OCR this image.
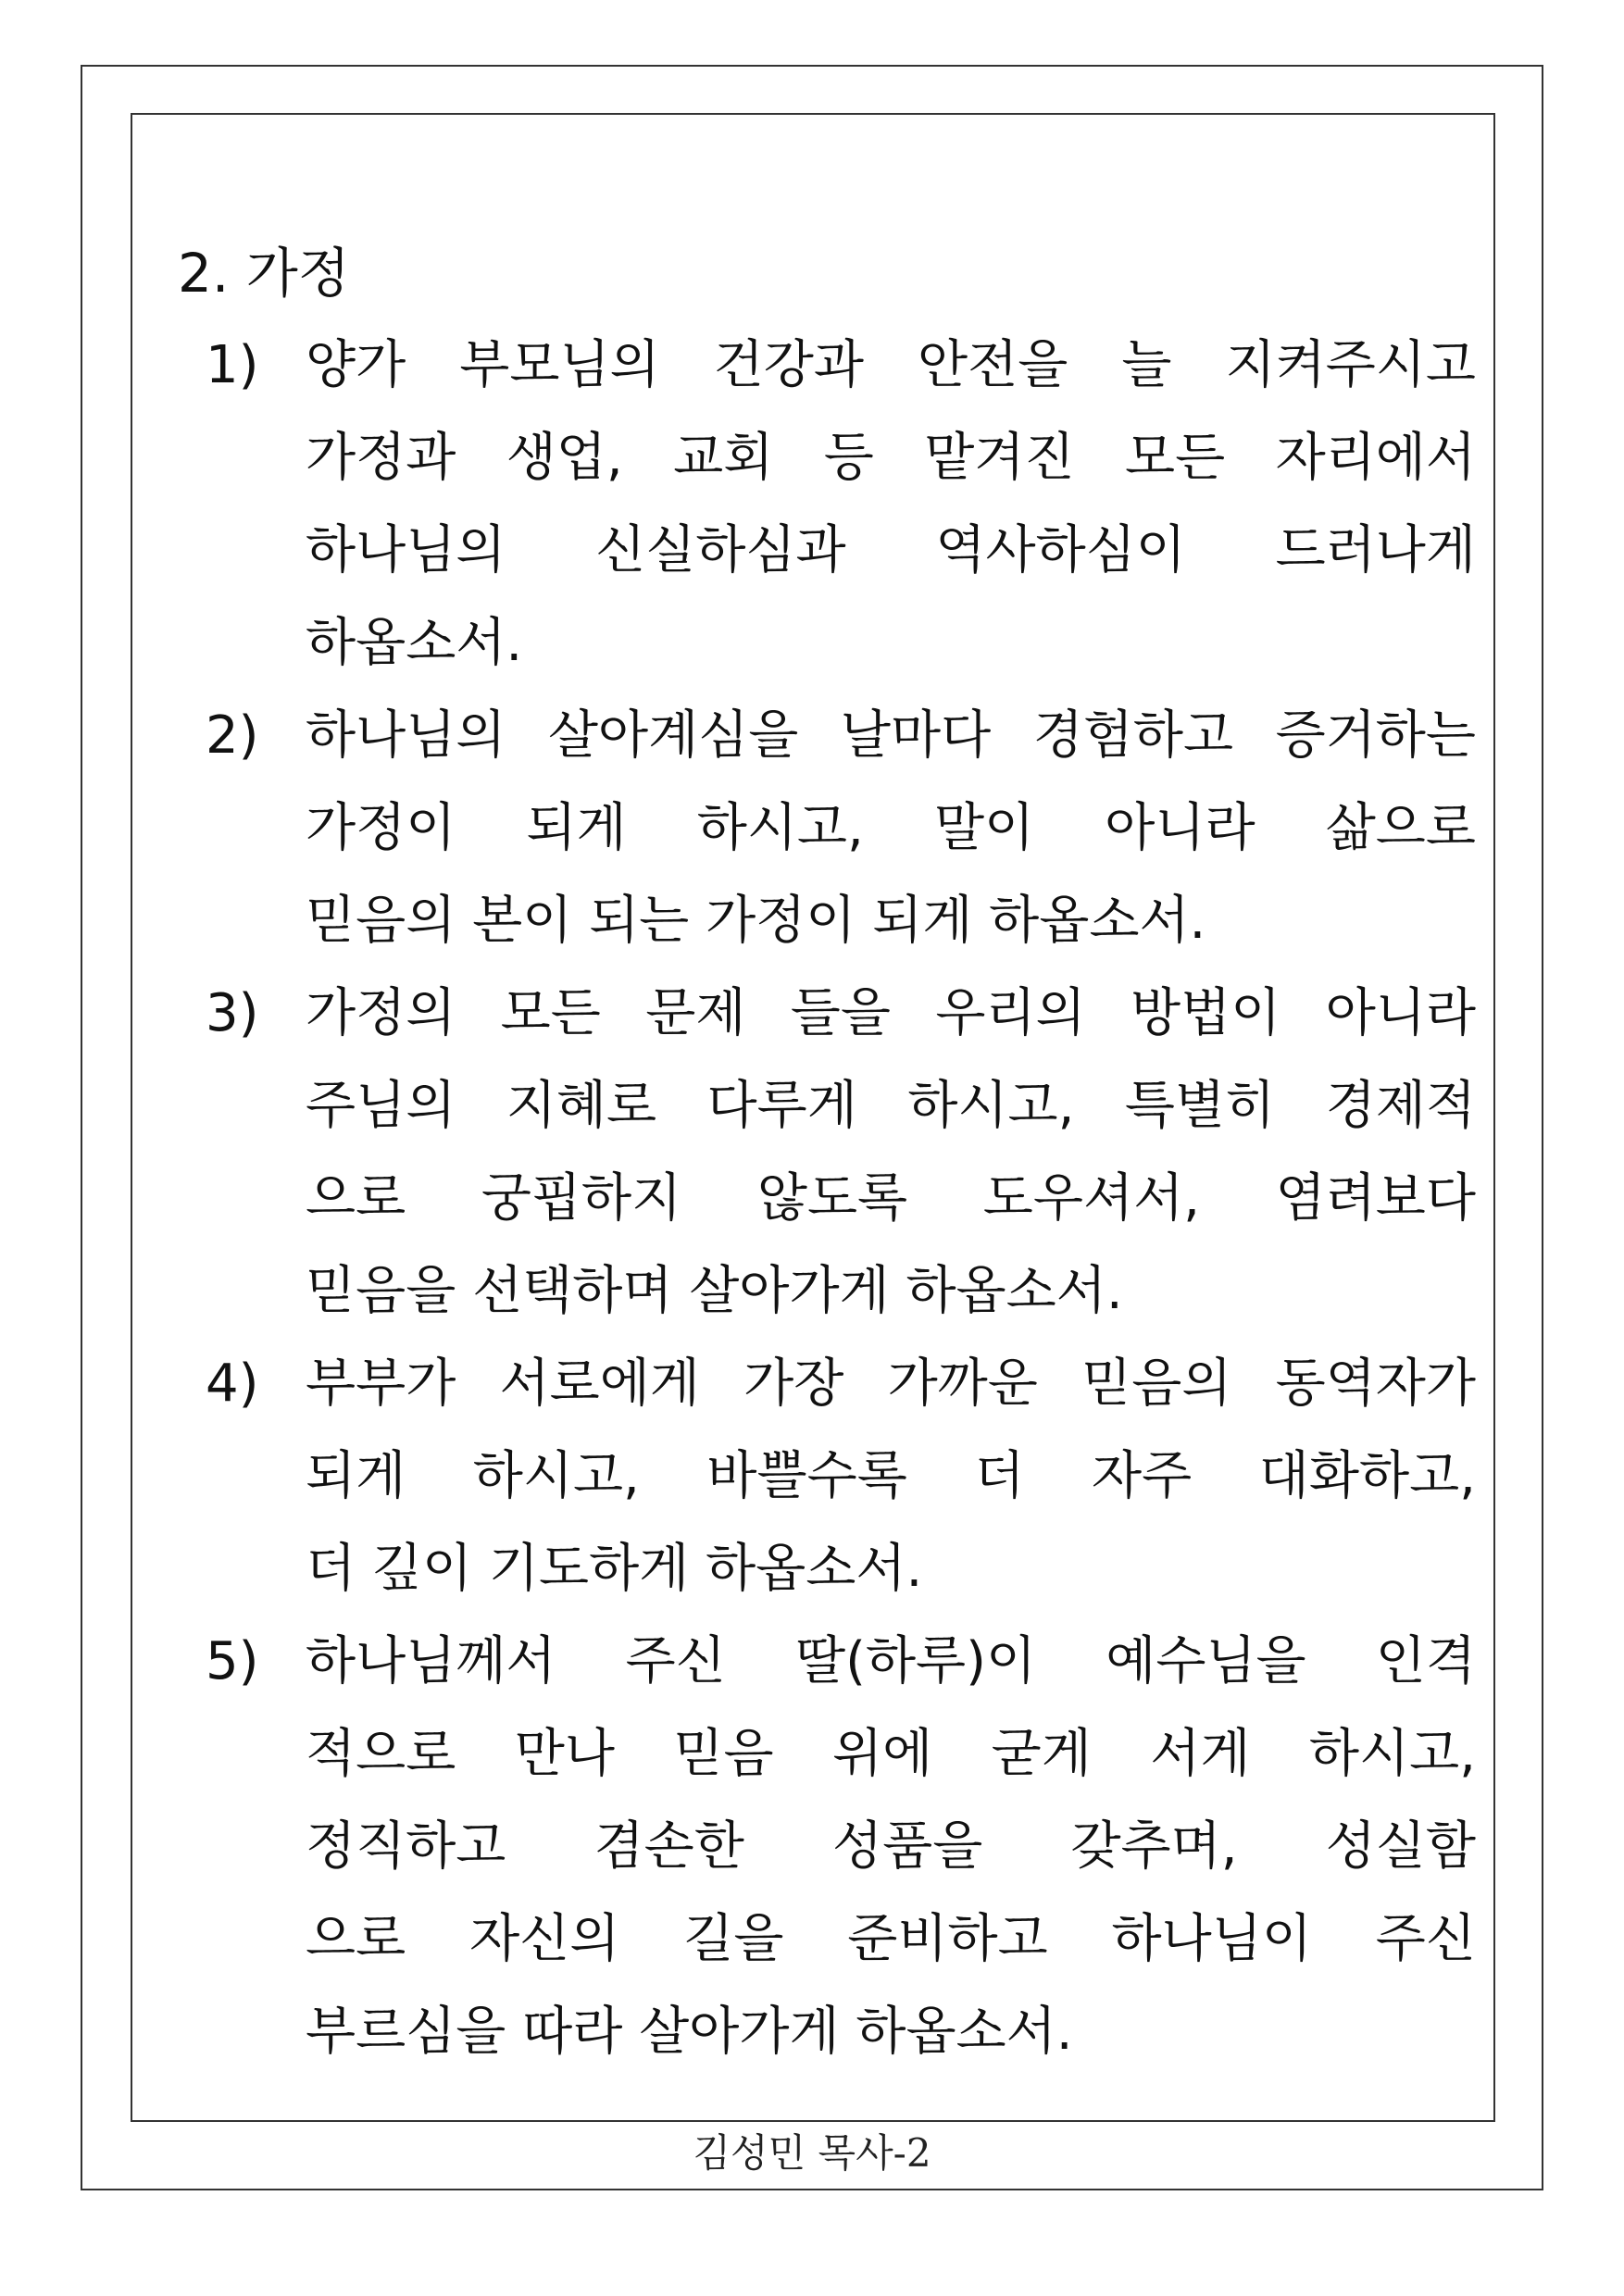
2. 가정
1) 양가 부모님의 건강과 안전을 늘 지켜주시고
가정과 생업, 교회 등 맡겨진 모든 자리에서
하나님의 신실하심과 역사하심이 드러나게
하옵소서.
2) 하나님의 살아계심을 날마다 경험하고 증거하는
가정이 되게 하시고, 말이 아니라 삶으로
믿음의 본이 되는 가정이 되게 하옵소서.
3) 가정의 모든 문제 들을 우리의 방법이 아니라
주님의 지혜로 다루게 하시고, 특별히 경제적
으로 궁핍하지 않도록 도우셔서, 염려보다
믿음을 선택하며 살아가게 하옵소서.
4) 부부가 서로에게 가장 가까운 믿음의 동역자가
되게 하시고, 바쁠수록 더 자주 대화하고,
더 깊이 기도하게 하옵소서.
5) 하나님께서 주신 딸(하루)이 예수님을 인격
적으로 만나 믿음 위에 굳게 서게 하시고,
정직하고 겸손한 성품을 갖추며, 성실함
으로 자신의 길을 준비하고 하나님이 주신
부르심을 따라 살아가게 하옵소서.
김성민 목사-2
